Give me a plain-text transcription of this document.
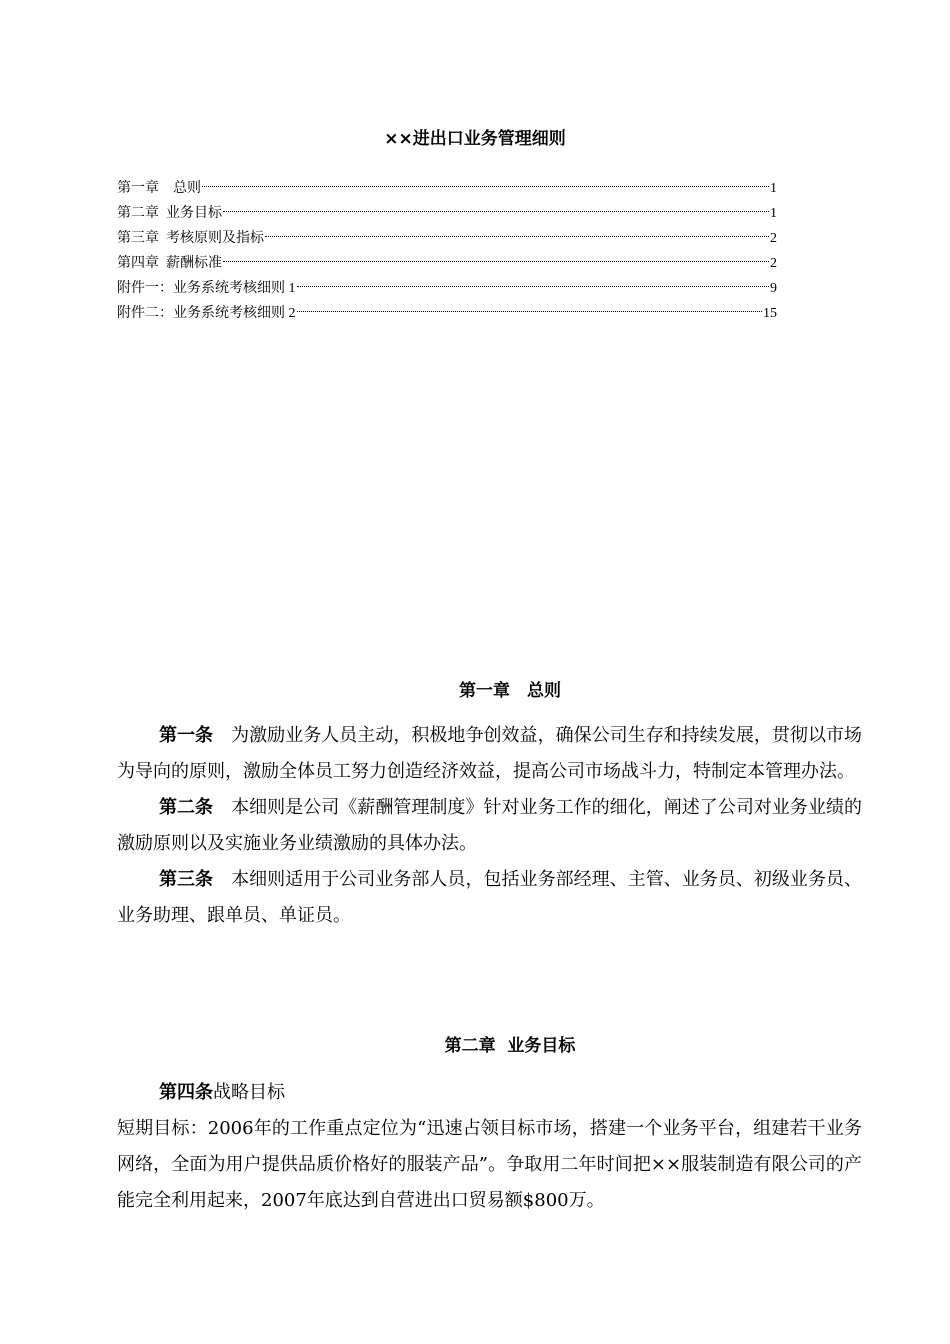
××进出口业务管理细则
第一章　总则	1
第二章  业务目标	1
第三章  考核原则及指标	2
第四章  薪酬标准	2
附件一：业务系统考核细则 1	9
附件二：业务系统考核细则 2	15
第一章　总则

第一条 为激励业务人员主动，积极地争创效益，确保公司生存和持续发展，贯彻以市场为导向的原则，激励全体员工努力创造经济效益，提高公司市场战斗力，特制定本管理办法。

第二条 本细则是公司《薪酬管理制度》针对业务工作的细化，阐述了公司对业务业绩的激励原则以及实施业务业绩激励的具体办法。

第三条 本细则适用于公司业务部人员，包括业务部经理、主管、业务员、初级业务员、业务助理、跟单员、单证员。

第二章  业务目标

第四条战略目标

短期目标：2006年的工作重点定位为“迅速占领目标市场，搭建一个业务平台，组建若干业务网络，全面为用户提供品质价格好的服装产品”。争取用二年时间把××服装制造有限公司的产能完全利用起来，2007年底达到自营进出口贸易额$800万。
